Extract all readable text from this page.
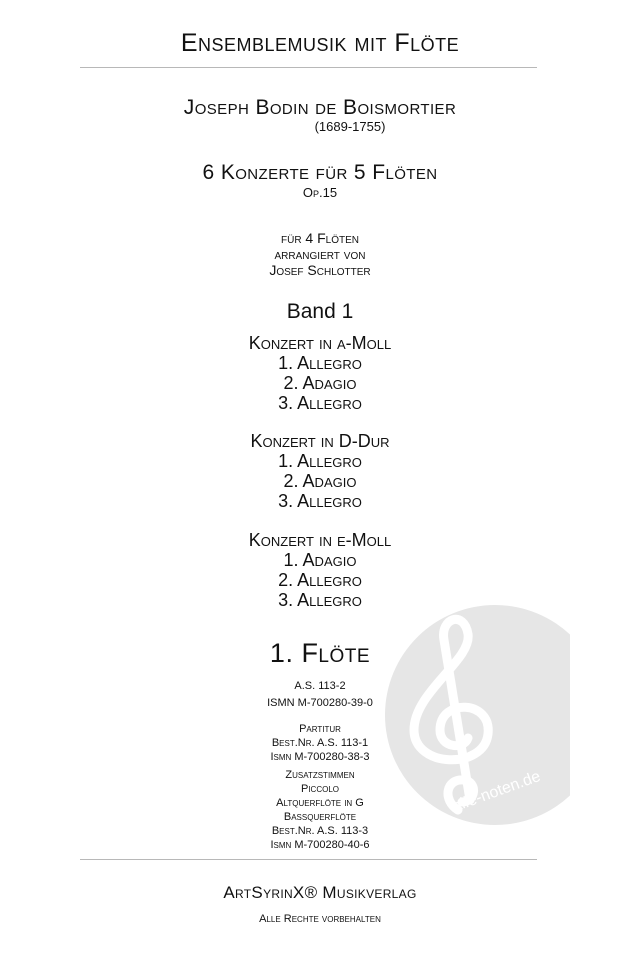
Ensemblemusik mit Flöte
Joseph Bodin de Boismortier
(1689-1755)
6 Konzerte für 5 Flöten
Op.15
für 4 Flöten
arrangiert von
Josef Schlotter
Band 1
Konzert in a-Moll
1. Allegro
2. Adagio
3. Allegro
Konzert in D-Dur
1. Allegro
2. Adagio
3. Allegro
Konzert in e-Moll
1. Adagio
2. Allegro
3. Allegro
alle-noten.de
1. Flöte
A.S. 113-2
ISMN M-700280-39-0
Partitur
Best.Nr. A.S. 113-1
Ismn M-700280-38-3
Zusatzstimmen
Piccolo
Altquerflöte in G
Bassquerflöte
Best.Nr. A.S. 113-3
Ismn M-700280-40-6
ArtSyrinX® Musikverlag
Alle Rechte vorbehalten
